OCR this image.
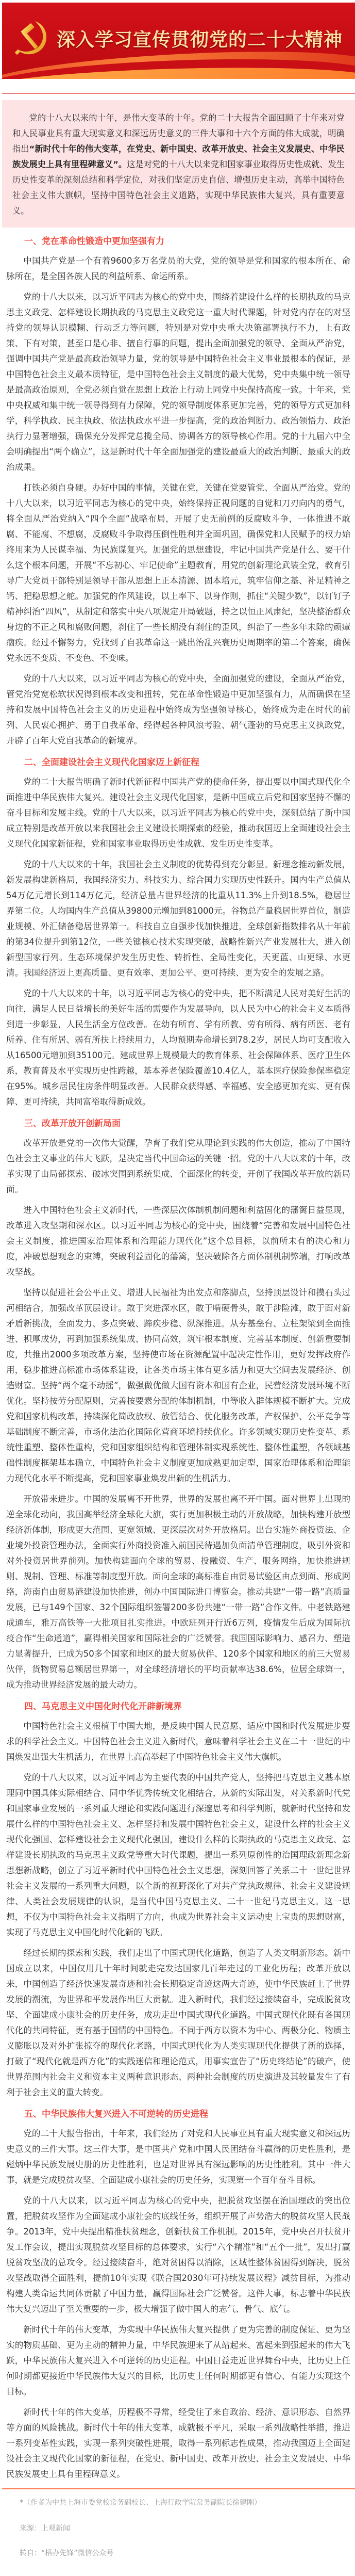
深入学习宣传贯彻党的二十大精神

党的十八大以来的十年，是伟大变革的十年。党的二十大报告全面回顾了十年来对党和人民事业具有重大现实意义和深远历史意义的三件大事和十六个方面的伟大成就，明确指出“新时代十年的伟大变革，在党史、新中国史、改革开放史、社会主义发展史、中华民族发展史上具有里程碑意义”。这是对党的十八大以来党和国家事业取得历史性成就、发生历史性变革的深刻总结和科学定位，对我们坚定历史自信、增强历史主动，高举中国特色社会主义伟大旗帜，坚持中国特色社会主义道路，实现中华民族伟大复兴，具有重要意义。

一、党在革命性锻造中更加坚强有力

中国共产党是一个有着9600多万名党员的大党，党的领导是党和国家的根本所在、命脉所在，是全国各族人民的利益所系、命运所系。

党的十八大以来，以习近平同志为核心的党中央，围绕着建设什么样的长期执政的马克思主义政党、怎样建设长期执政的马克思主义政党这一重大时代课题，针对党内存在的对坚持党的领导认识模糊、行动乏力等问题，特别是对党中央重大决策部署执行不力，上有政策、下有对策，甚至口是心非、擅自行事的问题，提出全面加强党的领导、全面从严治党，强调中国共产党是最高政治领导力量，党的领导是中国特色社会主义事业最根本的保证，是中国特色社会主义最本质特征，是中国特色社会主义制度的最大优势，党中央集中统一领导是最高政治原则，全党必须自觉在思想上政治上行动上同党中央保持高度一致。十年来，党中央权威和集中统一领导得到有力保障，党的领导制度体系更加完善，党的领导方式更加科学，科学执政、民主执政、依法执政水平进一步提高，党的政治判断力、政治领悟力、政治执行力显著增强，确保充分发挥党总揽全局、协调各方的领导核心作用。党的十九届六中全会明确提出“两个确立”，这是新时代十年全面加强党的建设最重大的政治判断、最重大的政治成果。

打铁必须自身硬。办好中国的事情，关键在党，关键在党要管党、全面从严治党。党的十八大以来，以习近平同志为核心的党中央，始终保持正视问题的自觉和刀刃向内的勇气，将全面从严治党纳入“四个全面”战略布局，开展了史无前例的反腐败斗争，一体推进不敢腐、不能腐、不想腐，反腐败斗争取得压倒性胜利并全面巩固，确保党和人民赋予的权力始终用来为人民谋幸福、为民族谋复兴。加强党的思想建设，牢记中国共产党是什么、要干什么这个根本问题，开展“不忘初心、牢记使命”主题教育，用党的创新理论武装全党，教育引导广大党员干部特别是领导干部从思想上正本清源、固本培元，筑牢信仰之基、补足精神之钙、把稳思想之舵。加强党的作风建设，以上率下、以身作则，抓住“关键少数”，以钉钉子精神纠治“四风”，从制定和落实中央八项规定开局破题，持之以恒正风肃纪，坚决整治群众身边的不正之风和腐败问题，刹住了一些长期没有刹住的歪风，纠治了一些多年未除的顽瘴痼疾。经过不懈努力，党找到了自我革命这一跳出治乱兴衰历史周期率的第二个答案，确保党永远不变质、不变色、不变味。

党的十八大以来，以习近平同志为核心的党中央，全面加强党的建设，全面从严治党，管党治党宽松软状况得到根本改变和扭转，党在革命性锻造中更加坚强有力，从而确保在坚持和发展中国特色社会主义的历史进程中始终成为坚强领导核心，始终成为走在时代的前列、人民衷心拥护、勇于自我革命、经得起各种风浪考验、朝气蓬勃的马克思主义执政党，开辟了百年大党自我革命的新境界。

二、全面建设社会主义现代化国家迈上新征程

党的二十大报告明确了新时代新征程中国共产党的使命任务，提出要以中国式现代化全面推进中华民族伟大复兴。建设社会主义现代化国家，是新中国成立后党和国家坚持不懈的奋斗目标和发展主线。党的十八大以来，以习近平同志为核心的党中央，深刻总结了新中国成立特别是改革开放以来我国社会主义建设长期探索的经验，推动我国迈上全面建设社会主义现代化国家新征程，党和国家事业取得历史性成就、发生历史性变革。

党的十八大以来的十年，我国社会主义制度的优势得到充分彰显。新理念推动新发展，新发展构建新格局，我国经济实力、科技实力、综合国力实现历史性跃升。国内生产总值从54万亿元增长到114万亿元，经济总量占世界经济的比重从11.3%上升到18.5%，稳居世界第二位。人均国内生产总值从39800元增加到81000元。谷物总产量稳居世界首位，制造业规模、外汇储备稳居世界第一。科技自立自强步伐加快推进，全球创新指数排名从十年前的第34位提升到第12位，一些关键核心技术实现突破，战略性新兴产业发展壮大，进入创新型国家行列。生态环境保护发生历史性、转折性、全局性变化，天更蓝、山更绿、水更清。我国经济迈上更高质量、更有效率、更加公平、更可持续、更为安全的发展之路。

党的十八大以来的十年，以习近平同志为核心的党中央，把不断满足人民对美好生活的向往，满足人民日益增长的美好生活的需要作为发展导向，以人民为中心的社会主义本质得到进一步彰显，人民生活全方位改善。在幼有所育、学有所教、劳有所得、病有所医、老有所养、住有所居、弱有所扶上持续用力，人均预期寿命增长到78.2岁，居民人均可支配收入从16500元增加到35100元。建成世界上规模最大的教育体系、社会保障体系、医疗卫生体系，教育普及水平实现历史性跨越，基本养老保险覆盖10.4亿人，基本医疗保险参保率稳定在95%。城乡居民住房条件明显改善。人民群众获得感、幸福感、安全感更加充实、更有保障、更可持续，共同富裕取得新成效。

三、改革开放开创新局面

改革开放是党的一次伟大觉醒，孕育了我们党从理论到实践的伟大创造，推动了中国特色社会主义事业的伟大飞跃，是决定当代中国命运的关键一招。党的十八大以来的十年，改革实现了由局部探索、破冰突围到系统集成、全面深化的转变，开创了我国改革开放的新局面。

进入中国特色社会主义新时代，一些深层次体制机制问题和利益固化的藩篱日益显现，改革进入攻坚期和深水区。以习近平同志为核心的党中央，围绕着“完善和发展中国特色社会主义制度，推进国家治理体系和治理能力现代化”这个总目标，以前所未有的决心和力度，冲破思想观念的束缚，突破利益固化的藩篱，坚决破除各方面体制机制弊端，打响改革攻坚战。

坚持以促进社会公平正义、增进人民福祉为出发点和落脚点，坚持顶层设计和摸石头过河相结合，加强改革顶层设计。敢于突进深水区，敢于啃硬骨头，敢于涉险滩，敢于面对新矛盾新挑战，全面发力、多点突破、蹄疾步稳、纵深推进。从夯基垒台、立柱架梁到全面推进、积厚成势，再到加强系统集成、协同高效，筑牢根本制度、完善基本制度、创新重要制度，共推出2000多项改革方案，坚持使市场在资源配置中起决定性作用，更好发挥政府作用，稳步推进高标准市场体系建设，让各类市场主体有更多活力和更大空间去发展经济、创造财富。坚持“两个毫不动摇”，做强做优做大国有资本和国有企业，民营经济发展环境不断优化。坚持按劳分配原则，完善按要素分配的体制机制，中等收入群体规模不断扩大。完成党和国家机构改革，持续深化简政放权、放管结合、优化服务改革，产权保护、公平竞争等基础制度不断完善，市场化法治化国际化营商环境持续优化。许多领域实现历史性变革、系统性重塑、整体性重构，党和国家组织结构和管理体制实现系统性、整体性重塑，各领域基础性制度框架基本确立，中国特色社会主义制度更加成熟更加定型，国家治理体系和治理能力现代化水平不断提高，党和国家事业焕发出新的生机活力。

开放带来进步。中国的发展离不开世界，世界的发展也离不开中国。面对世界上出现的逆全球化动向，我国高举经济全球化大旗，实行更加积极主动的开放战略，加快构建开放型经济新体制，形成更大范围、更宽领域、更深层次对外开放格局。出台实施外商投资法、企业境外投资管理办法，全面实行外商投资准入前国民待遇加负面清单管理制度，吸引外资和对外投资居世界前列。加快构建面向全球的贸易、投融资、生产、服务网络，加快推进规则、规制、管理、标准等制度型开放。面向全球的高标准自由贸易试验区由点到面、形成网络，海南自由贸易港建设加快推进，创办中国国际进口博览会。推动共建“一带一路”高质量发展，已与149个国家、32个国际组织签署200多份共建“一带一路”合作文件。中老铁路建成通车，雅万高铁等一大批项目扎实推进。中欧班列开行近6万列，疫情发生后成为国际抗疫合作“生命通道”，赢得相关国家和国际社会的广泛赞誉。我国国际影响力、感召力、塑造力显著提升，已成为50多个国家和地区的最大贸易伙伴、120多个国家和地区的前三大贸易伙伴，货物贸易总额居世界第一，对全球经济增长的平均贡献率达38.6%，位居全球第一，成为推动世界经济发展的最大动力。

四、马克思主义中国化时代化开辟新境界

中国特色社会主义根植于中国大地，是反映中国人民意愿、适应中国和时代发展进步要求的科学社会主义。中国特色社会主义进入新时代，意味着科学社会主义在二十一世纪的中国焕发出强大生机活力，在世界上高高举起了中国特色社会主义伟大旗帜。

党的十八大以来，以习近平同志为主要代表的中国共产党人，坚持把马克思主义基本原理同中国具体实际相结合、同中华优秀传统文化相结合，从新的实际出发，对关系新时代党和国家事业发展的一系列重大理论和实践问题进行深邃思考和科学判断，就新时代坚持和发展什么样的中国特色社会主义、怎样坚持和发展中国特色社会主义，建设什么样的社会主义现代化强国、怎样建设社会主义现代化强国，建设什么样的长期执政的马克思主义政党、怎样建设长期执政的马克思主义政党等重大时代课题，提出一系列原创性的治国理政新理念新思想新战略，创立了习近平新时代中国特色社会主义思想，深刻回答了关系二十一世纪世界社会主义发展的一系列重大问题，以全新的视野深化了对共产党执政规律、社会主义建设规律、人类社会发展规律的认识，是当代中国马克思主义、二十一世纪马克思主义。这一思想，不仅为中国特色社会主义指明了方向，也成为世界社会主义运动史上宝贵的思想财富，实现了马克思主义中国化时代化新的飞跃。

经过长期的探索和实践，我们走出了中国式现代化道路，创造了人类文明新形态。新中国成立以来，中国仅用几十年时间就走完发达国家几百年走过的工业化历程；改革开放以来，中国创造了经济快速发展奇迹和社会长期稳定奇迹这两大奇迹，使中华民族赶上了世界发展的潮流，为世界和平发展作出巨大贡献。进入新时代，我们经过接续奋斗，完成脱贫攻坚、全面建成小康社会的历史任务，成功走出中国式现代化道路。中国式现代化既有各国现代化的共同特征，更有基于国情的中国特色。不同于西方以资本为中心、两极分化、物质主义膨胀以及对外扩张掠夺的现代化老路，中国式现代化为人类实现现代化提供了新的选择，打破了“现代化就是西方化”的实践迷信和理论范式，用事实宣告了“历史终结论”的破产，使世界范围内社会主义和资本主义两种意识形态、两种社会制度的历史演进及其较量发生了有利于社会主义的重大转变。

五、中华民族伟大复兴进入不可逆转的历史进程

党的二十大报告指出，十年来，我们经历了对党和人民事业具有重大现实意义和深远历史意义的三件大事。这三件大事，是中国共产党和中国人民团结奋斗赢得的历史性胜利，是彪炳中华民族发展史册的历史性胜利，也是对世界具有深远影响的历史性胜利。其中一件大事，就是完成脱贫攻坚、全面建成小康社会的历史任务，实现第一个百年奋斗目标。

党的十八大以来，以习近平同志为核心的党中央，把脱贫攻坚摆在治国理政的突出位置，把脱贫攻坚作为全面建成小康社会的底线任务，组织开展了声势浩大的脱贫攻坚人民战争。2013年，党中央提出精准扶贫理念，创新扶贫工作机制。2015年，党中央召开扶贫开发工作会议，提出实现脱贫攻坚目标的总体要求，实行“六个精准”和“五个一批”，发出打赢脱贫攻坚战的总攻令。经过接续奋斗，绝对贫困得以消除，区域性整体贫困得到解决，脱贫攻坚战取得全面胜利，提前10年实现《联合国2030年可持续发展议程》减贫目标，为推动构建人类命运共同体贡献了中国力量，赢得国际社会广泛赞誉。这件大事，标志着中华民族伟大复兴迈出了至关重要的一步，极大增强了做中国人的志气、骨气、底气。

新时代十年的伟大变革，为实现中华民族伟大复兴提供了更为完善的制度保证、更为坚实的物质基础、更为主动的精神力量，中华民族迎来了从站起来、富起来到强起来的伟大飞跃，中华民族伟大复兴进入不可逆转的历史进程。中国日益走近世界舞台中央，比历史上任何时期都更接近中华民族伟大复兴的目标，比历史上任何时期都更有信心、有能力实现这个目标。

新时代十年的伟大变革，历程极不寻常，经受住了来自政治、经济、意识形态、自然界等方面的风险挑战。新时代十年的伟大变革，成就极不平凡，采取一系列战略性举措，推进一系列变革性实践，实现一系列突破性进展，取得一系列标志性成果，推动我国迈上全面建设社会主义现代化国家的新征程，在党史、新中国史、改革开放史、社会主义发展史、中华民族发展史上具有里程碑意义。

*（作者为中共上海市委党校常务副校长、上海行政学院常务副院长徐建刚）
来源：上观新闻
转自：“梧办先锋”微信公众号
